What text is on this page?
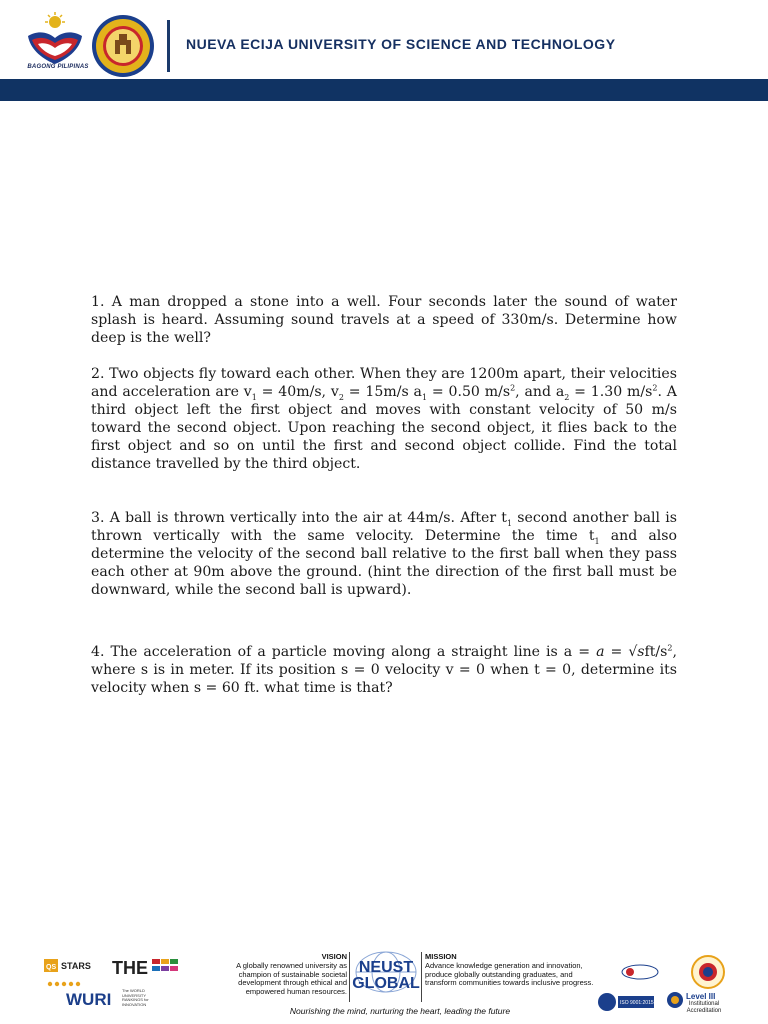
BAGONG PILIPINAS
NUEVA ECIJA UNIVERSITY OF SCIENCE AND TECHNOLOGY

1. A man dropped a stone into a well. Four seconds later the sound of water splash is heard. Assuming sound travels at a speed of 330m/s. Determine how deep is the well?

2. Two objects fly toward each other. When they are 1200m apart, their velocities and acceleration are $v_1 = 40m/s$, $v_2 = 15m/s$ $a_1 = 0.50$ $m/s^2$, and $a_2 = 1.30$ $m/s^2$. A third object left the first object and moves with constant velocity of 50 m/s toward the second object. Upon reaching the second object, it flies back to the first object and so on until the first and second object collide. Find the total distance travelled by the third object.

3. A ball is thrown vertically into the air at 44m/s. After $t_1$ second another ball is thrown vertically with the same velocity. Determine the time $t_1$ and also determine the velocity of the second ball relative to the first ball when they pass each other at 90m above the ground. (hint the direction of the first ball must be downward, while the second ball is upward).

4. The acceleration of a particle moving along a straight line is $a = a = √sft/s^2$, where s is in meter. If its position s = 0 velocity v = 0 when t = 0, determine its velocity when s = 60 ft. what time is that?

QS STARS THE
WURI	The WORLD UNIVERSITY RANKINGS for INNOVATION

VISION

A globally renowned university as champion of sustainable societal development through ethical and empowered human resources.

NEUST
GLOBAL

MISSION

Advance knowledge generation and innovation, produce globally outstanding graduates, and transform communities towards inclusive progress.

Nourishing the mind, nurturing the heart, leading the future
ISO 9001:2015
Level III
Institutional Accreditation
